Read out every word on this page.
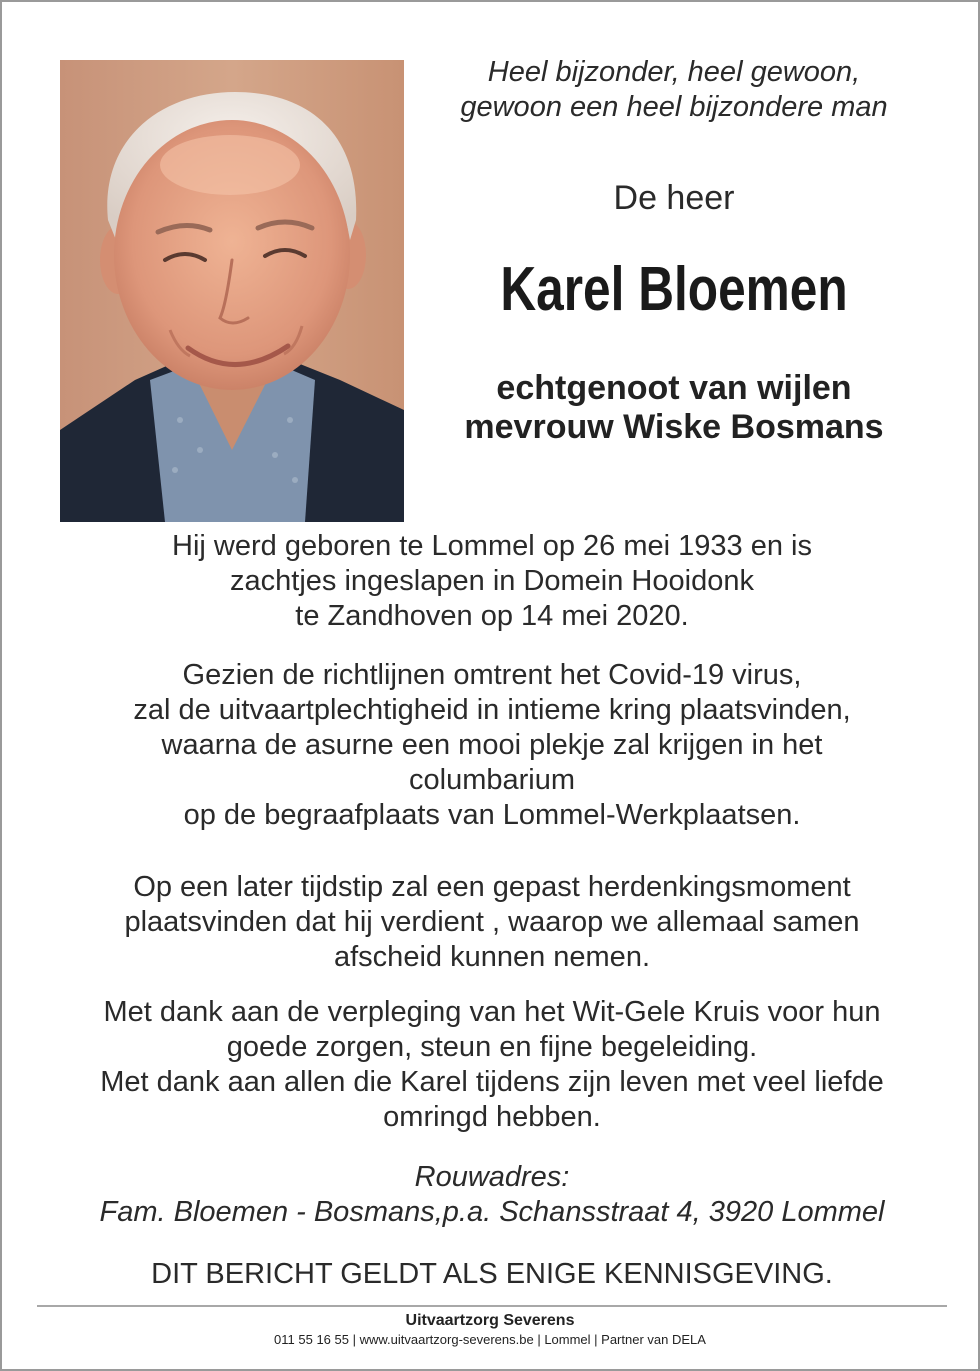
Heel bijzonder, heel gewoon,
gewoon een heel bijzondere man
De heer
Karel Bloemen
echtgenoot van wijlen
mevrouw Wiske Bosmans
Hij werd geboren te Lommel op 26 mei 1933 en is
zachtjes ingeslapen in Domein Hooidonk
te Zandhoven op 14 mei 2020.
Gezien de richtlijnen omtrent het Covid-19 virus,
zal de uitvaartplechtigheid in intieme kring plaatsvinden,
waarna de asurne een mooi plekje zal krijgen in het
columbarium
op de begraafplaats van Lommel-Werkplaatsen.
Op een later tijdstip zal een gepast herdenkingsmoment
plaatsvinden dat hij verdient , waarop we allemaal samen
afscheid kunnen nemen.
Met dank aan de verpleging van het Wit-Gele Kruis voor hun
goede zorgen, steun en fijne begeleiding.
Met dank aan allen die Karel tijdens zijn leven met veel liefde
omringd hebben.
Rouwadres:
Fam. Bloemen - Bosmans,p.a. Schansstraat 4, 3920 Lommel
DIT BERICHT GELDT ALS ENIGE KENNISGEVING.
Uitvaartzorg Severens
011 55 16 55 | www.uitvaartzorg-severens.be | Lommel | Partner van DELA
